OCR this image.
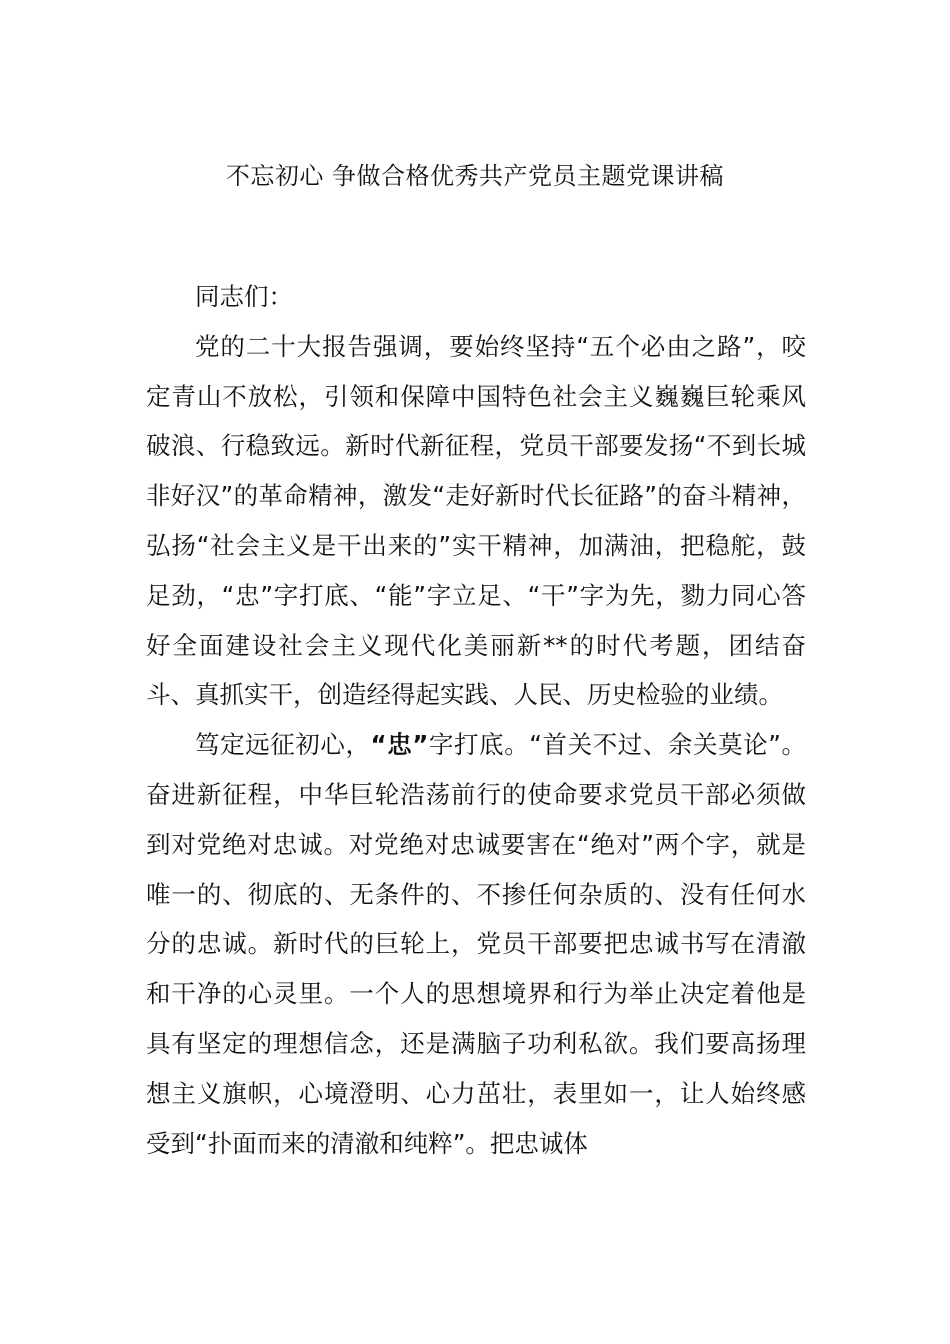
不忘初心 争做合格优秀共产党员主题党课讲稿

同志们：

党的二十大报告强调，要始终坚持“五个必由之路”，咬定青山不放松，引领和保障中国特色社会主义巍巍巨轮乘风破浪、行稳致远。新时代新征程，党员干部要发扬“不到长城非好汉”的革命精神，激发“走好新时代长征路”的奋斗精神，弘扬“社会主义是干出来的”实干精神，加满油，把稳舵，鼓足劲，“忠”字打底、“能”字立足、“干”字为先，勠力同心答好全面建设社会主义现代化美丽新**的时代考题，团结奋斗、真抓实干，创造经得起实践、人民、历史检验的业绩。

笃定远征初心，“忠”字打底。“首关不过、余关莫论”。奋进新征程，中华巨轮浩荡前行的使命要求党员干部必须做到对党绝对忠诚。对党绝对忠诚要害在“绝对”两个字，就是唯一的、彻底的、无条件的、不掺任何杂质的、没有任何水分的忠诚。新时代的巨轮上，党员干部要把忠诚书写在清澈和干净的心灵里。一个人的思想境界和行为举止决定着他是具有坚定的理想信念，还是满脑子功利私欲。我们要高扬理想主义旗帜，心境澄明、心力茁壮，表里如一，让人始终感受到“扑面而来的清澈和纯粹”。把忠诚体
